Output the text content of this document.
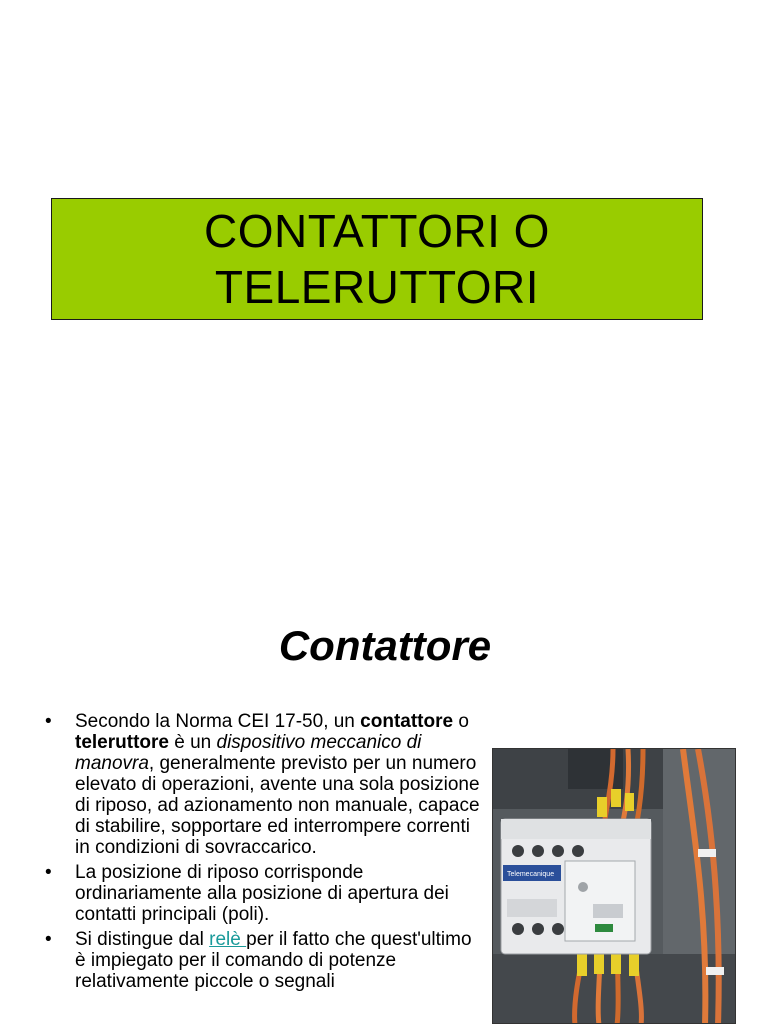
CONTATTORI O
TELERUTTORI
Contattore
• Secondo la Norma CEI 17-50, un contattore o teleruttore è un dispositivo meccanico di manovra, generalmente previsto per un numero elevato di operazioni, avente una sola posizione di riposo, ad azionamento non manuale, capace di stabilire, sopportare ed interrompere correnti in condizioni di sovraccarico.
• La posizione di riposo corrisponde ordinariamente alla posizione di apertura dei contatti principali (poli).
• Si distingue dal relè per il fatto che quest'ultimo è impiegato per il comando di potenze relativamente piccole o segnali
Telemecanique
